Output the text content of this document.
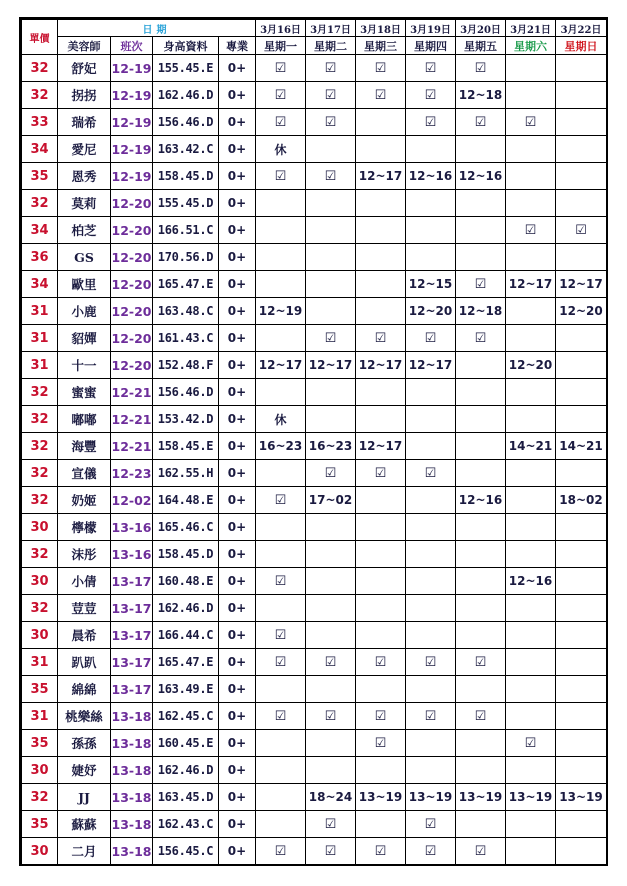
單價	日期				3月16日	3月17日	3月18日	3月19日	3月20日	3月21日	3月22日
	美容師	班次	身高資料	專業	星期一	星期二	星期三	星期四	星期五	星期六	星期日
32	舒妃	12-19	155.45.E	0+	☑	☑	☑	☑	☑		
32	拐拐	12-19	162.46.D	0+	☑	☑	☑	☑	12~18		
33	瑞希	12-19	156.46.D	0+	☑	☑		☑	☑	☑	
34	愛尼	12-19	163.42.C	0+	休						
35	恩秀	12-19	158.45.D	0+	☑	☑	12~17	12~16	12~16		
32	莫莉	12-20	155.45.D	0+							
34	柏芝	12-20	166.51.C	0+						☑	☑
36	GS	12-20	170.56.D	0+							
34	歐里	12-20	165.47.E	0+				12~15	☑	12~17	12~17
31	小鹿	12-20	163.48.C	0+	12~19			12~20	12~18		12~20
31	貂嬋	12-20	161.43.C	0+		☑	☑	☑	☑		
31	十一	12-20	152.48.F	0+	12~17	12~17	12~17	12~17		12~20	
32	蜜蜜	12-21	156.46.D	0+							
32	嘟嘟	12-21	153.42.D	0+	休						
32	海豐	12-21	158.45.E	0+	16~23	16~23	12~17			14~21	14~21
32	宣儀	12-23	162.55.H	0+		☑	☑	☑			
32	奶姬	12-02	164.48.E	0+	☑	17~02			12~16		18~02
30	檸檬	13-16	165.46.C	0+							
32	沫彤	13-16	158.45.D	0+							
30	小倩	13-17	160.48.E	0+	☑					12~16	
32	荳荳	13-17	162.46.D	0+							
30	晨希	13-17	166.44.C	0+	☑						
31	趴趴	13-17	165.47.E	0+	☑	☑	☑	☑	☑		
35	綿綿	13-17	163.49.E	0+							
31	桃樂絲	13-18	162.45.C	0+	☑	☑	☑	☑	☑		
35	孫孫	13-18	160.45.E	0+			☑			☑	
30	婕妤	13-18	162.46.D	0+							
32	JJ	13-18	163.45.D	0+		18~24	13~19	13~19	13~19	13~19	13~19
35	蘇蘇	13-18	162.43.C	0+		☑		☑			
30	二月	13-18	156.45.C	0+	☑	☑	☑	☑	☑		
